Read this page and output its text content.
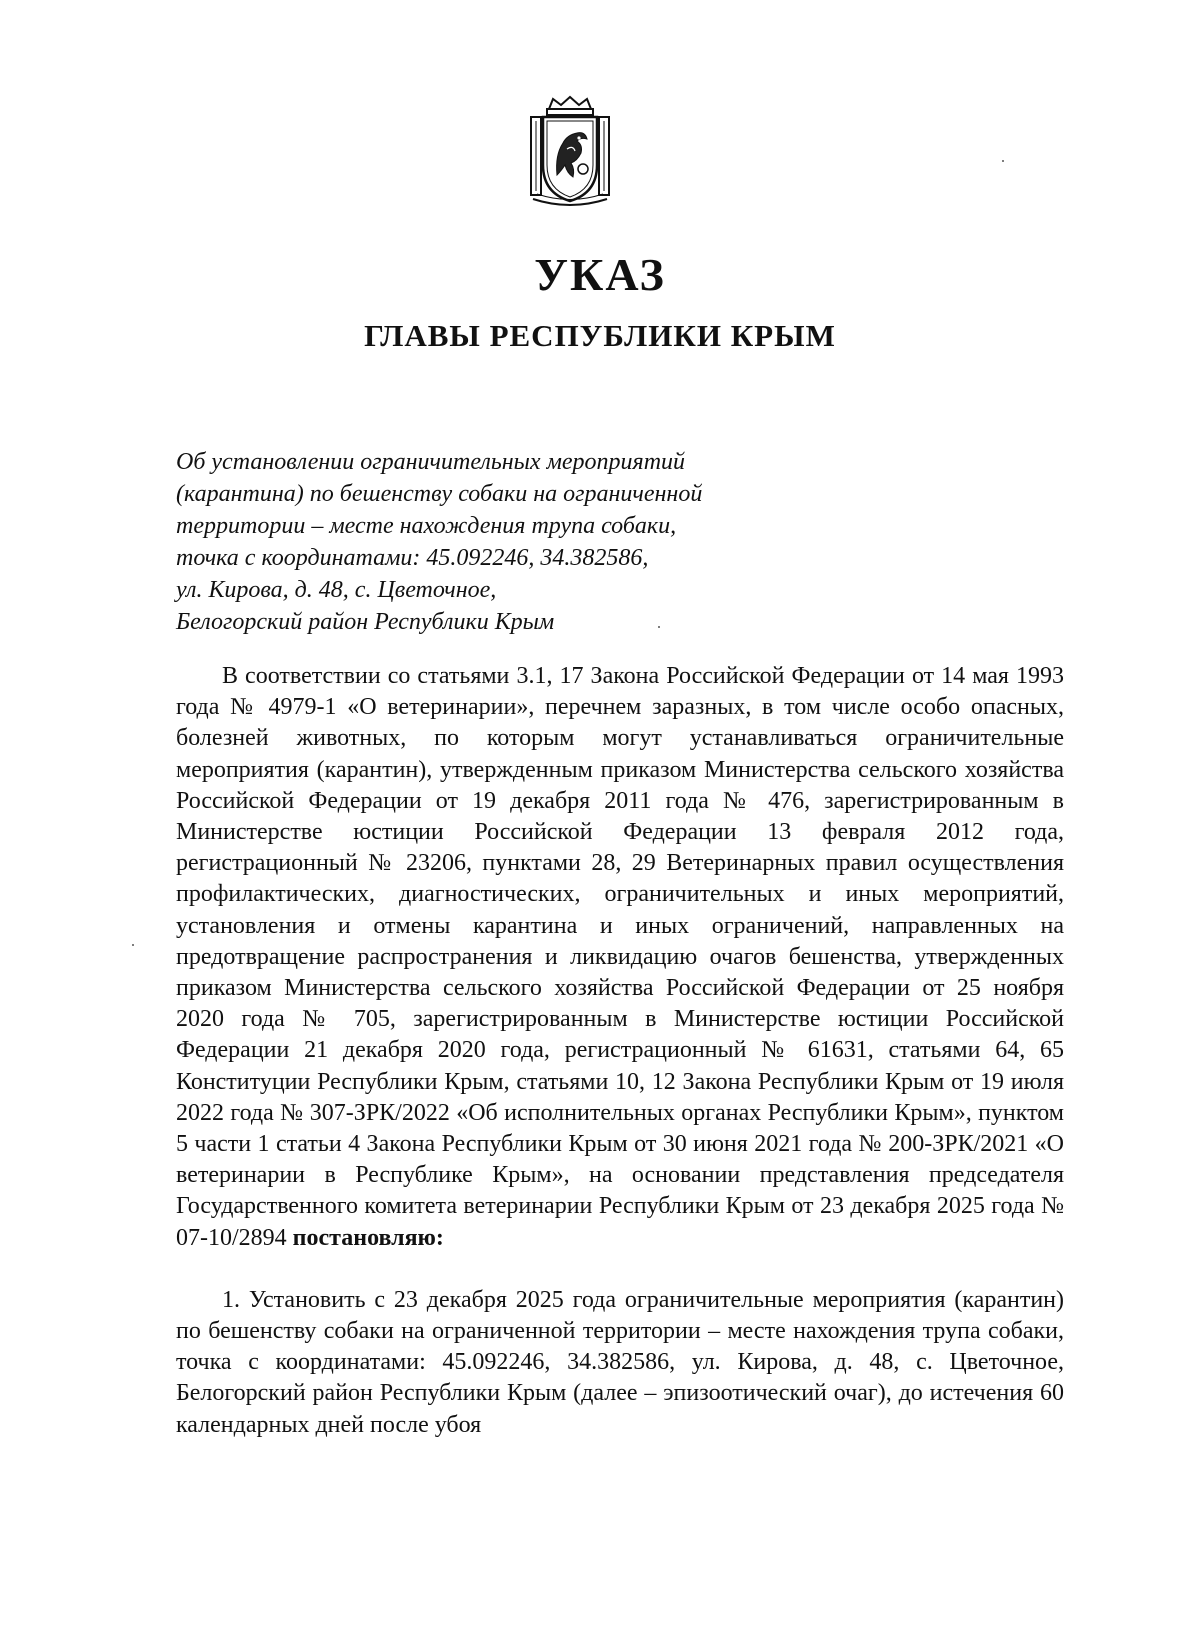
УКАЗ
ГЛАВЫ РЕСПУБЛИКИ КРЫМ
Об установлении ограничительных мероприятий
(карантина) по бешенству собаки на ограниченной
территории – месте нахождения трупа собаки,
точка с координатами: 45.092246, 34.382586,
ул. Кирова, д. 48, с. Цветочное,
Белогорский район Республики Крым

В соответствии со статьями 3.1, 17 Закона Российской Федерации от 14 мая 1993 года № 4979-1 «О ветеринарии», перечнем заразных, в том числе особо опасных, болезней животных, по которым могут устанавливаться ограничительные мероприятия (карантин), утвержденным приказом Министерства сельского хозяйства Российской Федерации от 19 декабря 2011 года № 476, зарегистрированным в Министерстве юстиции Российской Федерации 13 февраля 2012 года, регистрационный № 23206, пунктами 28, 29 Ветеринарных правил осуществления профилактических, диагностических, ограничительных и иных мероприятий, установления и отмены карантина и иных ограничений, направленных на предотвращение распространения и ликвидацию очагов бешенства, утвержденных приказом Министерства сельского хозяйства Российской Федерации от 25 ноября 2020 года № 705, зарегистрированным в Министерстве юстиции Российской Федерации 21 декабря 2020 года, регистрационный № 61631, статьями 64, 65 Конституции Республики Крым, статьями 10, 12 Закона Республики Крым от 19 июля 2022 года № 307-ЗРК/2022 «Об исполнительных органах Республики Крым», пунктом 5 части 1 статьи 4 Закона Республики Крым от 30 июня 2021 года № 200-ЗРК/2021 «О ветеринарии в Республике Крым», на основании представления председателя Государственного комитета ветеринарии Республики Крым от 23 декабря 2025 года № 07-10/2894 постановляю:

1. Установить с 23 декабря 2025 года ограничительные мероприятия (карантин) по бешенству собаки на ограниченной территории – месте нахождения трупа собаки, точка с координатами: 45.092246, 34.382586, ул. Кирова, д. 48, с. Цветочное, Белогорский район Республики Крым (далее – эпизоотический очаг), до истечения 60 календарных дней после убоя
